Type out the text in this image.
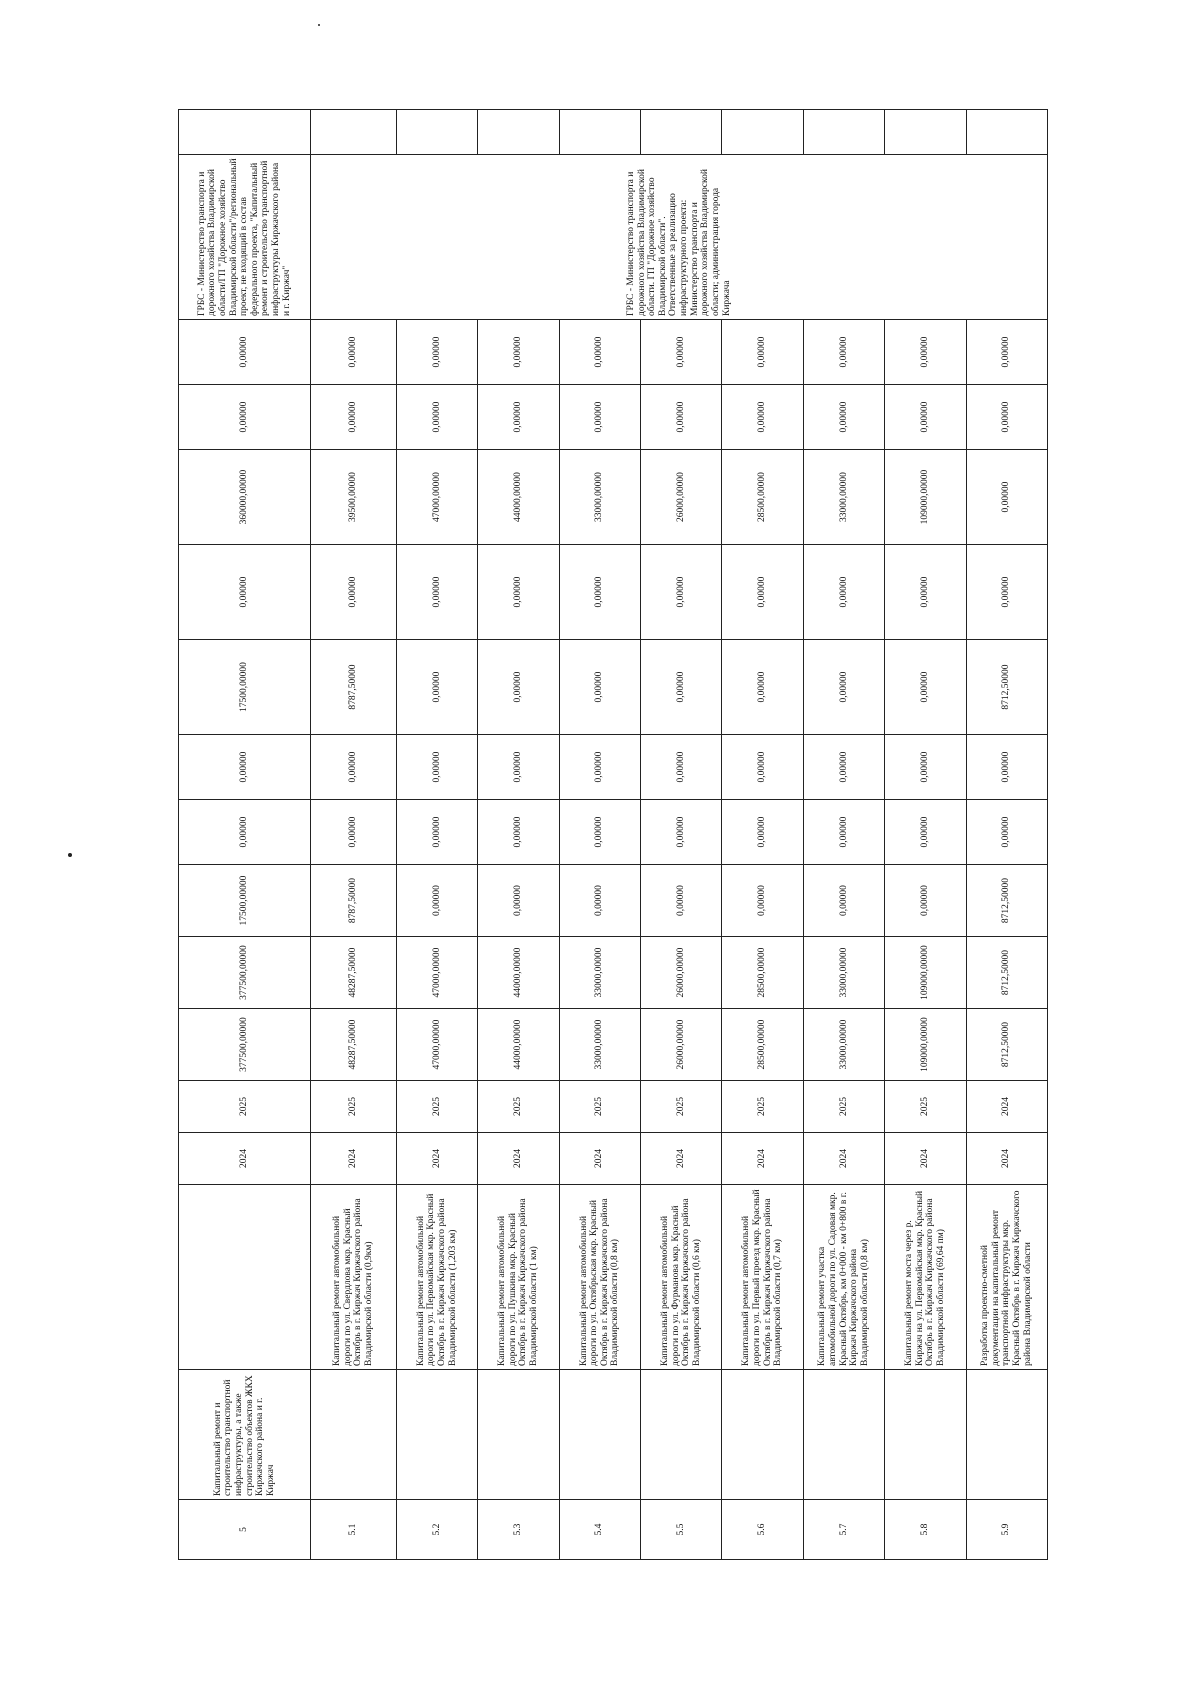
5	Капитальный ремонт и строительство транспортной инфраструктуры, а также строительство объектов ЖКХ Киржачского района и г. Киржач		2024	2025	377500,00000	377500,00000	17500,00000	0,00000	0,00000	17500,00000	0,00000	360000,00000	0,00000	0,00000	ГРБС - Министерство транспорта и дорожного хозяйства Владимирской области/ГП "Дорожное хозяйство Владимирской области"/региональный проект, не входящий в состав федерального проекта, "Капитальный ремонт и строительство транспортной инфраструктуры Киржачского района и г. Киржач"	
5.1		Капитальный ремонт автомобильной дороги по ул. Свердлова мкр. Красный Октябрь в г. Киржач Киржачского района Владимирской области (0,9км)	2024	2025	48287,50000	48287,50000	8787,50000	0,00000	0,00000	8787,50000	0,00000	39500,00000	0,00000	0,00000	ГРБС - Министерство транспорта и дорожного хозяйства Владимирской области. ГП "Дорожное хозяйство Владимирской области". Ответственные за реализацию инфраструктурного проекта: Министерство транспорта и дорожного хозяйства Владимирской области; администрация города Киржача	
5.2		Капитальный ремонт автомобильной дороги по ул. Первомайская мкр. Красный Октябрь в г. Киржач Киржачского района Владимирской области (1,203 км)	2024	2025	47000,00000	47000,00000	0,00000	0,00000	0,00000	0,00000	0,00000	47000,00000	0,00000	0,00000		
5.3		Капитальный ремонт автомобильной дороги по ул. Пушкина мкр. Красный Октябрь в г. Киржач Киржачского района Владимирской области (1 км)	2024	2025	44000,00000	44000,00000	0,00000	0,00000	0,00000	0,00000	0,00000	44000,00000	0,00000	0,00000		
5.4		Капитальный ремонт автомобильной дороги по ул. Октябрьская мкр. Красный Октябрь в г. Киржач Киржачского района Владимирской области (0,8 км)	2024	2025	33000,00000	33000,00000	0,00000	0,00000	0,00000	0,00000	0,00000	33000,00000	0,00000	0,00000		
5.5		Капитальный ремонт автомобильной дороги по ул. Фурманова мкр. Красный Октябрь в г. Киржач Киржачского района Владимирской области (0,6 км)	2024	2025	26000,00000	26000,00000	0,00000	0,00000	0,00000	0,00000	0,00000	26000,00000	0,00000	0,00000		
5.6		Капитальный ремонт автомобильной дороги по ул. Первый проезд мкр. Красный Октябрь в г. Киржач Киржачского района Владимирской области (0,7 км)	2024	2025	28500,00000	28500,00000	0,00000	0,00000	0,00000	0,00000	0,00000	28500,00000	0,00000	0,00000		
5.7		Капитальный ремонт участка автомобильной дороги по ул. Садовая мкр. Красный Октябрь, км 0+000 - км 0+800 в г. Киржач Киржачского района Владимирской области (0,8 км)	2024	2025	33000,00000	33000,00000	0,00000	0,00000	0,00000	0,00000	0,00000	33000,00000	0,00000	0,00000		
5.8		Капитальный ремонт моста через р. Киржач на ул. Первомайская мкр. Красный Октябрь в г. Киржач Киржачского района Владимирской области (69,64 пм)	2024	2025	109000,00000	109000,00000	0,00000	0,00000	0,00000	0,00000	0,00000	109000,00000	0,00000	0,00000		
5.9		Разработка проектно-сметной документации на капитальный ремонт транспортной инфраструктуры мкр. Красный Октябрь в г. Киржач Киржачского района Владимирской области	2024	2024	8712,50000	8712,50000	8712,50000	0,00000	0,00000	8712,50000	0,00000	0,00000	0,00000	0,00000		
